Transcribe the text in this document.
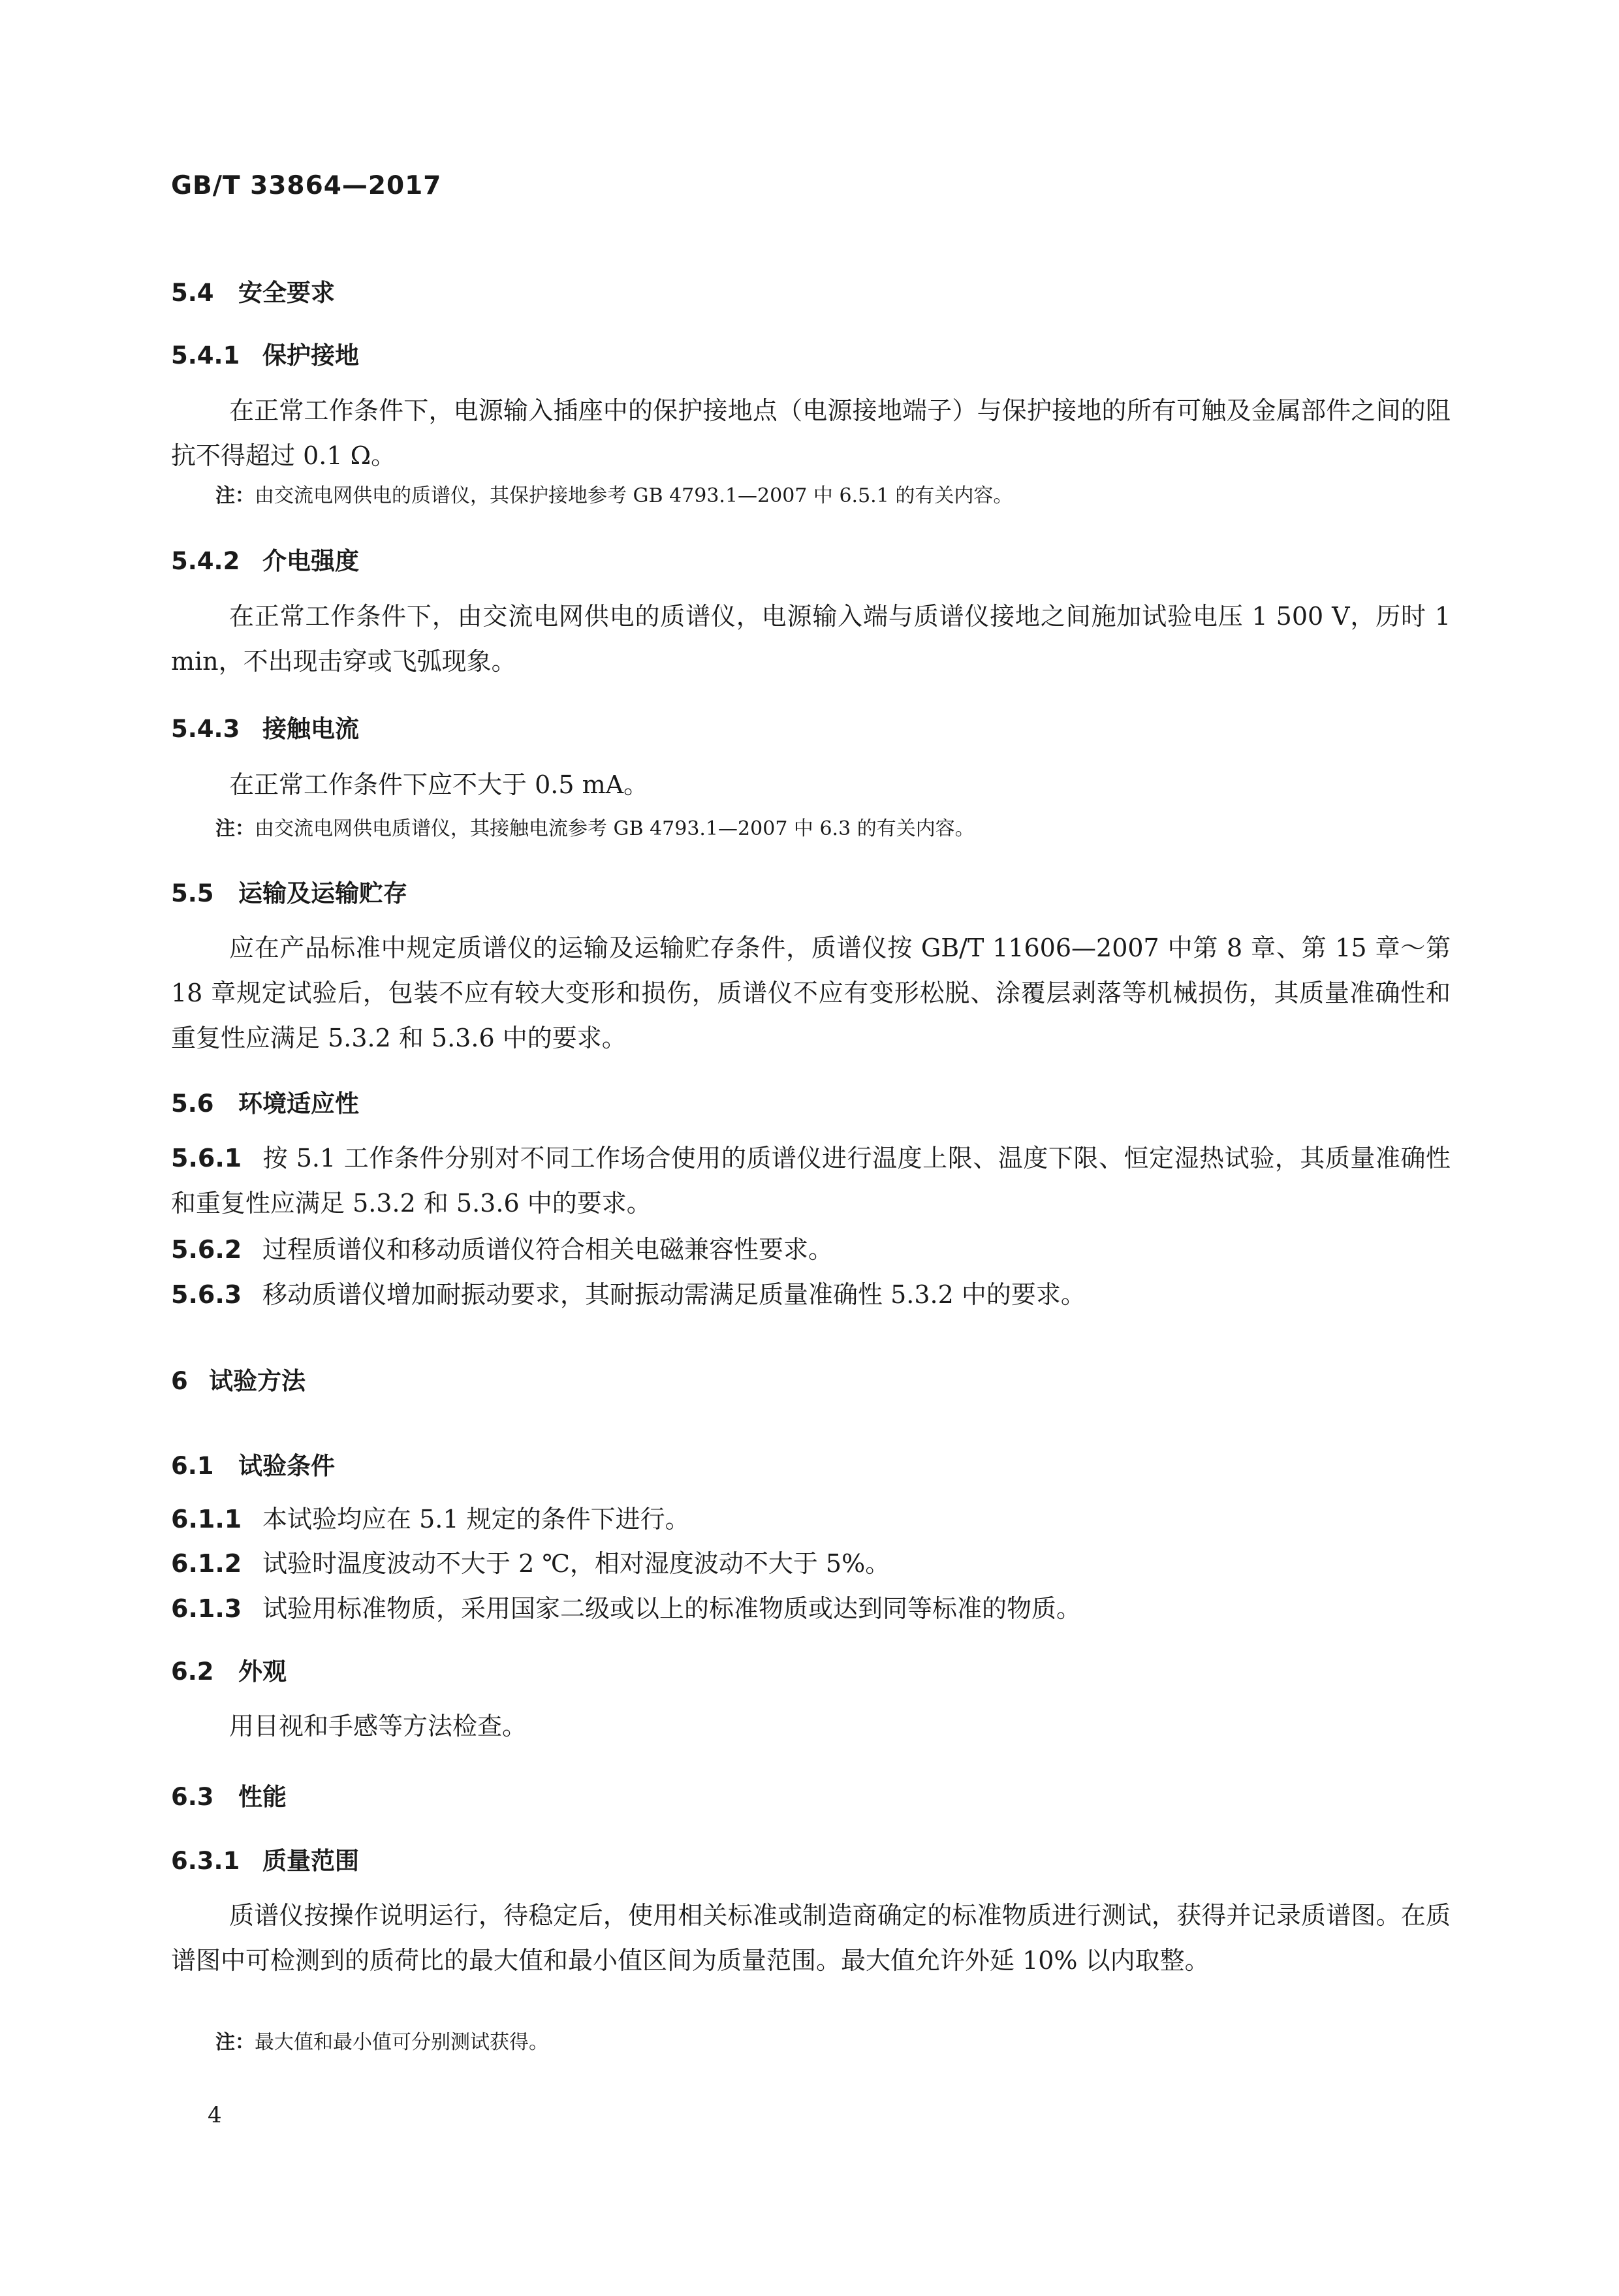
GB/T 33864—2017
5.4 安全要求
5.4.1 保护接地
在正常工作条件下，电源输入插座中的保护接地点（电源接地端子）与保护接地的所有可触及金属部件之间的阻抗不得超过 0.1 Ω。
注：由交流电网供电的质谱仪，其保护接地参考 GB 4793.1—2007 中 6.5.1 的有关内容。
5.4.2 介电强度
在正常工作条件下，由交流电网供电的质谱仪，电源输入端与质谱仪接地之间施加试验电压 1 500 V，历时 1 min，不出现击穿或飞弧现象。
5.4.3 接触电流
在正常工作条件下应不大于 0.5 mA。
注：由交流电网供电质谱仪，其接触电流参考 GB 4793.1—2007 中 6.3 的有关内容。
5.5 运输及运输贮存
应在产品标准中规定质谱仪的运输及运输贮存条件，质谱仪按 GB/T 11606—2007 中第 8 章、第 15 章～第 18 章规定试验后，包装不应有较大变形和损伤，质谱仪不应有变形松脱、涂覆层剥落等机械损伤，其质量准确性和重复性应满足 5.3.2 和 5.3.6 中的要求。
5.6 环境适应性
5.6.1 按 5.1 工作条件分别对不同工作场合使用的质谱仪进行温度上限、温度下限、恒定湿热试验，其质量准确性和重复性应满足 5.3.2 和 5.3.6 中的要求。
5.6.2 过程质谱仪和移动质谱仪符合相关电磁兼容性要求。
5.6.3 移动质谱仪增加耐振动要求，其耐振动需满足质量准确性 5.3.2 中的要求。
6 试验方法
6.1 试验条件
6.1.1 本试验均应在 5.1 规定的条件下进行。
6.1.2 试验时温度波动不大于 2 ℃，相对湿度波动不大于 5%。
6.1.3 试验用标准物质，采用国家二级或以上的标准物质或达到同等标准的物质。
6.2 外观
用目视和手感等方法检查。
6.3 性能
6.3.1 质量范围
质谱仪按操作说明运行，待稳定后，使用相关标准或制造商确定的标准物质进行测试，获得并记录质谱图。在质谱图中可检测到的质荷比的最大值和最小值区间为质量范围。最大值允许外延 10% 以内取整。
注：最大值和最小值可分别测试获得。
4
